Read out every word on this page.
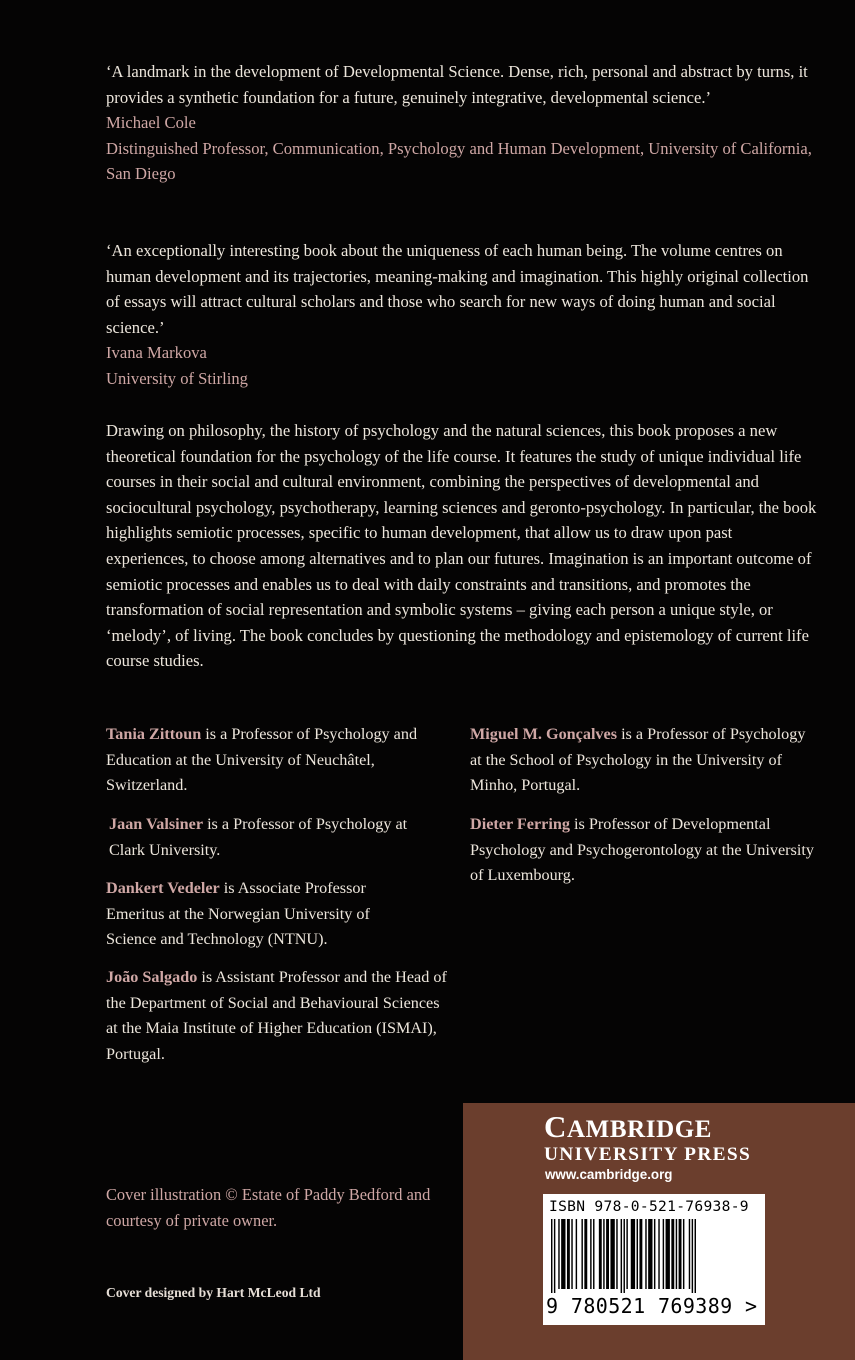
‘A landmark in the development of Developmental Science. Dense, rich, personal and abstract by turns, it provides a synthetic foundation for a future, genuinely integrative, developmental science.’

Michael Cole

Distinguished Professor, Communication, Psychology and Human Development, University of California, San Diego

‘An exceptionally interesting book about the uniqueness of each human being. The volume centres on human development and its trajectories, meaning-making and imagination. This highly original collection of essays will attract cultural scholars and those who search for new ways of doing human and social science.’

Ivana Markova

University of Stirling

Drawing on philosophy, the history of psychology and the natural sciences, this book proposes a new theoretical foundation for the psychology of the life course. It features the study of unique individual life courses in their social and cultural environment, combining the perspectives of developmental and sociocultural psychology, psychotherapy, learning sciences and geronto-psychology. In particular, the book highlights semiotic processes, specific to human development, that allow us to draw upon past experiences, to choose among alternatives and to plan our futures. Imagination is an important outcome of semiotic processes and enables us to deal with daily constraints and transitions, and promotes the transformation of social representation and symbolic systems – giving each person a unique style, or ‘melody’, of living. The book concludes by questioning the methodology and epistemology of current life course studies.

Tania Zittoun is a Professor of Psychology and Education at the University of Neuchâtel, Switzerland.

Jaan Valsiner is a Professor of Psychology at Clark University.

Dankert Vedeler is Associate Professor Emeritus at the Norwegian University of Science and Technology (NTNU).

João Salgado is Assistant Professor and the Head of the Department of Social and Behavioural Sciences at the Maia Institute of Higher Education (ISMAI), Portugal.

Miguel M. Gonçalves is a Professor of Psychology at the School of Psychology in the University of Minho, Portugal.

Dieter Ferring is Professor of Developmental Psychology and Psychogerontology at the University of Luxembourg.

Cover illustration © Estate of Paddy Bedford and courtesy of private owner.

Cover designed by Hart McLeod Ltd
CAMBRIDGE
UNIVERSITY PRESS
www.cambridge.org
ISBN 978-0-521-76938-9
9 780521 769389 >
